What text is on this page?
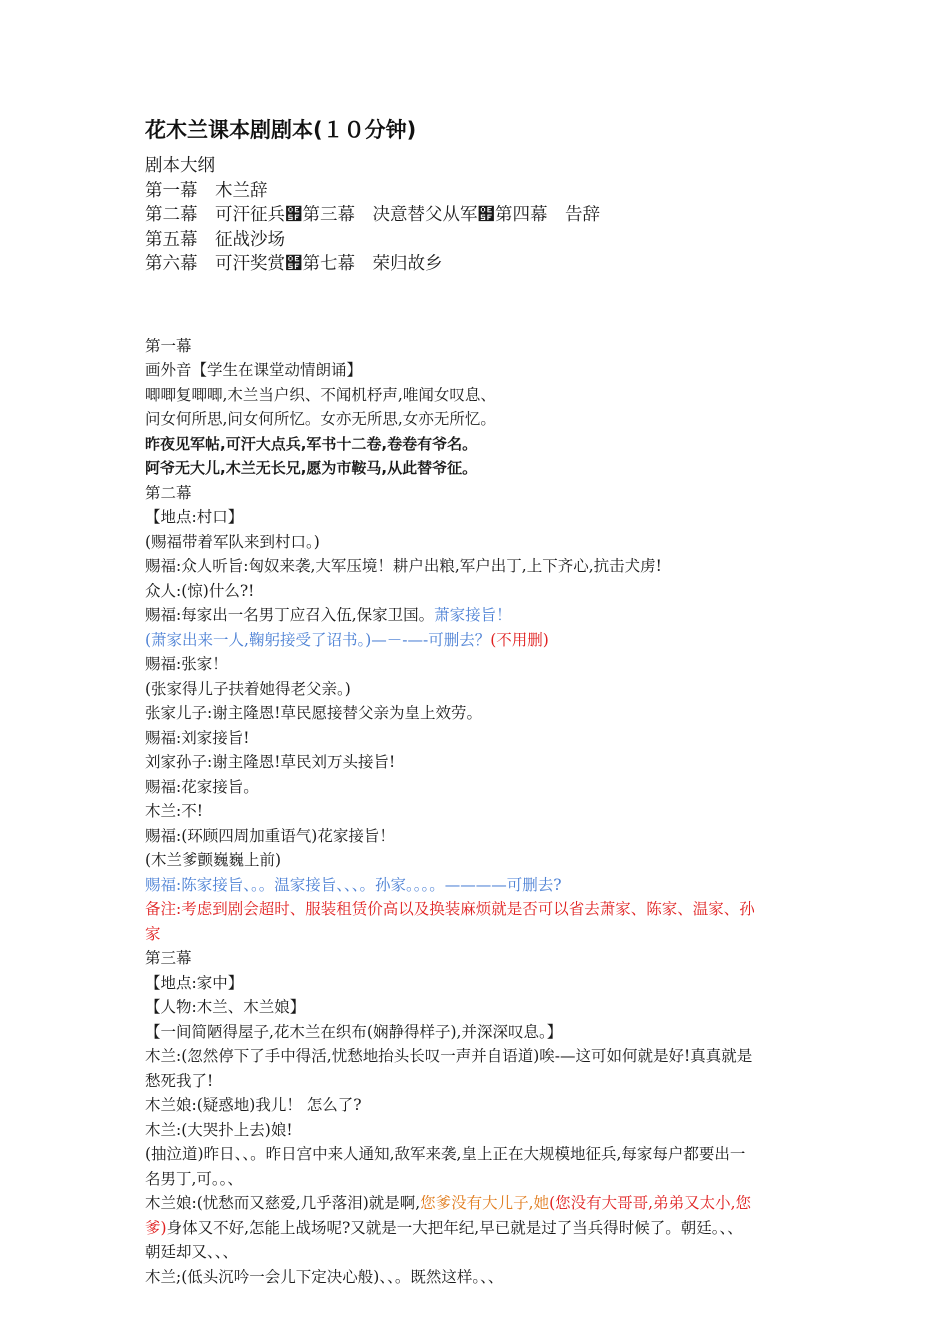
花木兰课本剧剧本(１０分钟)
剧本大纲
第一幕　木兰辞
第二幕　可汗征兵๟第三幕　决意替父从军๟第四幕　告辞
第五幕　征战沙场
第六幕　可汗奖赏๟第七幕　荣归故乡
第一幕
画外音【学生在课堂动情朗诵】
唧唧复唧唧,木兰当户织、不闻机杼声,唯闻女叹息、
问女何所思,问女何所忆。女亦无所思,女亦无所忆。
昨夜见军帖,可汗大点兵,军书十二卷,卷卷有爷名。
阿爷无大儿,木兰无长兄,愿为市鞍马,从此替爷征。
第二幕
【地点:村口】
(赐福带着军队来到村口。)
赐福:众人听旨:匈奴来袭,大军压境！耕户出粮,军户出丁,上下齐心,抗击犬虏!
众人:(惊)什么?!
赐福:每家出一名男丁应召入伍,保家卫国。萧家接旨！
(萧家出来一人,鞠躬接受了诏书。)—－-—-可删去？(不用删)
赐福:张家！
(张家得儿子扶着她得老父亲。)
张家儿子:谢主隆恩!草民愿接替父亲为皇上效劳。
赐福:刘家接旨!
刘家孙子:谢主隆恩!草民刘万头接旨!
赐福:花家接旨。
木兰:不!
赐福:(环顾四周加重语气)花家接旨！
(木兰爹颤巍巍上前)
赐福:陈家接旨、。。温家接旨、、、。孙家。。。。————可删去?
备注:考虑到剧会超时、服装租赁价高以及换装麻烦就是否可以省去萧家、陈家、温家、孙
家
第三幕
【地点:家中】
【人物:木兰、木兰娘】
【一间简陋得屋子,花木兰在织布(娴静得样子),并深深叹息。】
木兰:(忽然停下了手中得活,忧愁地抬头长叹一声并自语道)唉-—这可如何就是好!真真就是
愁死我了!
木兰娘:(疑惑地)我儿！ 怎么了?
木兰:(大哭扑上去)娘!
(抽泣道)昨日、、。昨日宫中来人通知,敌军来袭,皇上正在大规模地征兵,每家每户都要出一
名男丁,可。。、
木兰娘:(忧愁而又慈爱,几乎落泪)就是啊,您爹没有大儿子,她(您没有大哥哥,弟弟又太小,您
爹)身体又不好,怎能上战场呢?又就是一大把年纪,早已就是过了当兵得时候了。朝廷。、、
朝廷却又、、、
木兰;(低头沉吟一会儿下定决心般)、、。既然这样。、、
